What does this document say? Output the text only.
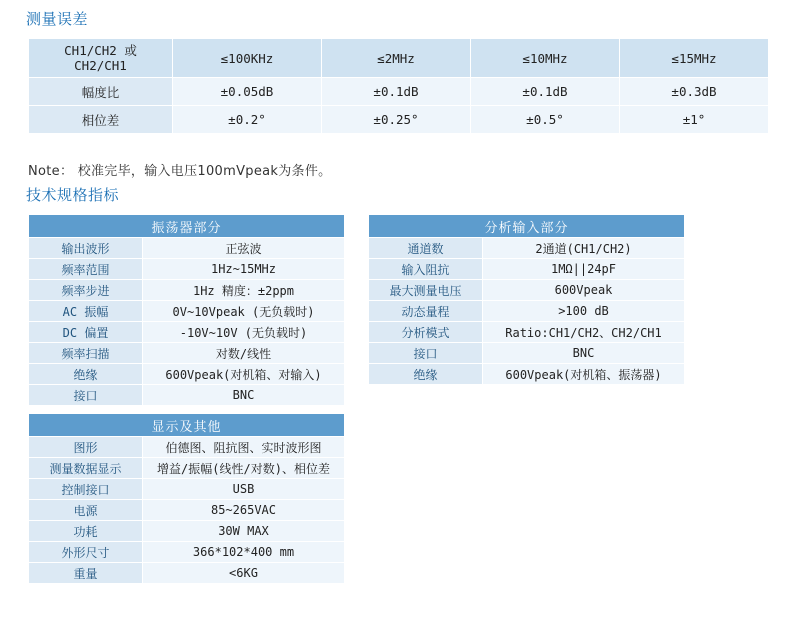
测量误差
CH1/CH2 或
CH2/CH1	≤100KHz	≤2MHz	≤10MHz	≤15MHz
幅度比	±0.05dB	±0.1dB	±0.1dB	±0.3dB
相位差	±0.2°	±0.25°	±0.5°	±1°
Note： 校准完毕，输入电压100mVpeak为条件。
技术规格指标
振荡器部分	
输出波形	正弦波
频率范围	1Hz~15MHz
频率步进	1Hz 精度：±2ppm
AC 振幅	0V~10Vpeak (无负载时)
DC 偏置	-10V~10V (无负载时)
频率扫描	对数/线性
绝缘	600Vpeak(对机箱、对输入)
接口	BNC
分析输入部分	
通道数	2通道(CH1/CH2)
输入阻抗	1MΩ||24pF
最大测量电压	600Vpeak
动态量程	>100 dB
分析模式	Ratio:CH1/CH2、CH2/CH1
接口	BNC
绝缘	600Vpeak(对机箱、振荡器)
显示及其他	
图形	伯德图、阻抗图、实时波形图
测量数据显示	增益/振幅(线性/对数)、相位差
控制接口	USB
电源	85~265VAC
功耗	30W MAX
外形尺寸	366*102*400 mm
重量	<6KG
